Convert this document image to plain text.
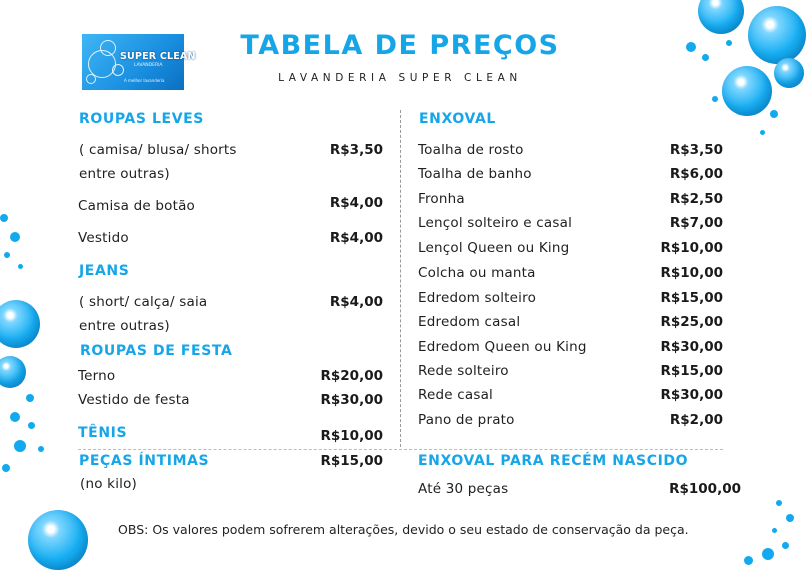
SUPER CLEAN
LAVANDERIA
A melhor lavanderia
TABELA DE PREÇOS
LAVANDERIA SUPER CLEAN
ROUPAS LEVES
( camisa/ blusa/ shorts
entre outras)
R$3,50
Camisa de botão	R$4,00
Vestido	R$4,00
JEANS
( short/ calça/ saia
entre outras)
R$4,00
ROUPAS DE FESTA
Terno	R$20,00
Vestido de festa	R$30,00
TÊNIS	R$10,00
PEÇAS ÍNTIMAS	R$15,00
(no kilo)
ENXOVAL
Toalha de rosto	R$3,50
Toalha de banho	R$6,00
Fronha	R$2,50
Lençol solteiro e casal	R$7,00
Lençol Queen ou King	R$10,00
Colcha ou manta	R$10,00
Edredom solteiro	R$15,00
Edredom casal	R$25,00
Edredom Queen ou King	R$30,00
Rede solteiro	R$15,00
Rede casal	R$30,00
Pano de prato	R$2,00
ENXOVAL PARA RECÉM NASCIDO
Até 30 peças	R$100,00
OBS: Os valores podem sofrerem alterações, devido o seu estado de conservação da peça.
